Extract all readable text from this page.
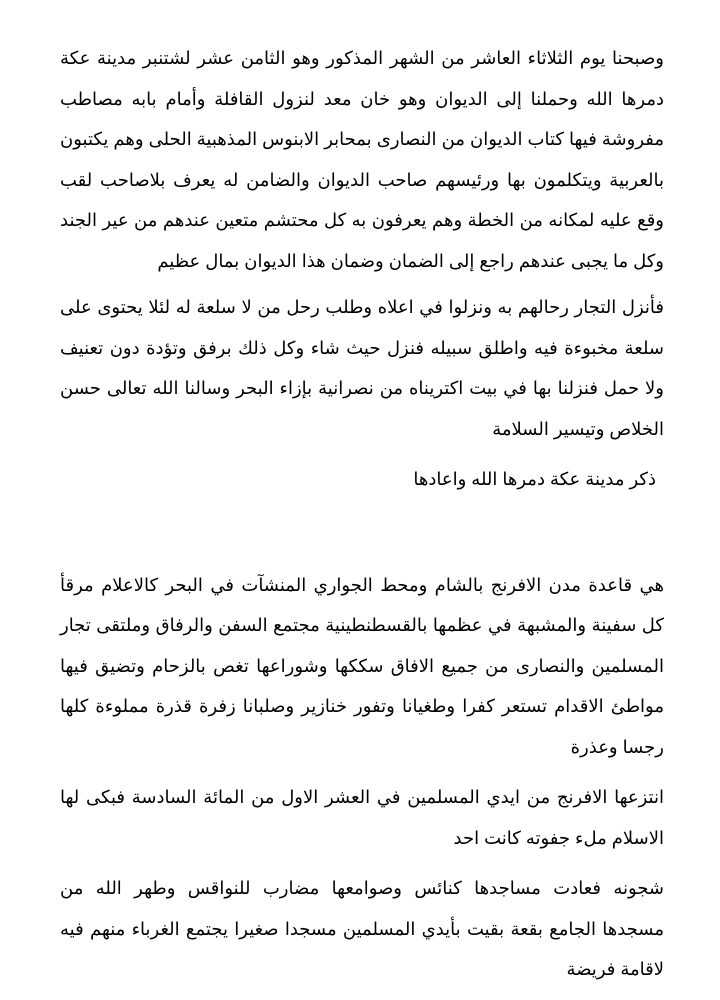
وصبحنا يوم الثلاثاء العاشر من الشهر المذكور وهو الثامن عشر لشتنبر مدينة عكة دمرها الله وحملنا إلى الديوان وهو خان معد لنزول القافلة وأمام بابه مصاطب مفروشة فيها كتاب الديوان من النصارى بمحابر الابنوس المذهبية الحلى وهم يكتبون بالعربية ويتكلمون بها ورئيسهم صاحب الديوان والضامن له يعرف بلاصاحب لقب وقع عليه لمكانه من الخطة وهم يعرفون به كل محتشم متعين عندهم من عير الجند وكل ما يجبى عندهم راجع إلى الضمان وضمان هذا الديوان بمال عظيم

فأنزل التجار رحالهم به ونزلوا في اعلاه وطلب رحل من لا سلعة له لئلا يحتوى على سلعة مخبوءة فيه واطلق سبيله فنزل حيث شاء وكل ذلك برفق وتؤدة دون تعنيف ولا حمل فنزلنا بها في بيت اكتريناه من نصرانية بإزاء البحر وسالنا الله تعالى حسن الخلاص وتيسير السلامة

ذكر مدينة عكة دمرها الله واعادها

هي قاعدة مدن الافرنج بالشام ومحط الجواري المنشآت في البحر كالاعلام مرقأ كل سفينة والمشبهة في عظمها بالقسطنطينية مجتمع السفن والرفاق وملتقى تجار المسلمين والنصارى من جميع الافاق سككها وشوراعها تغص بالزحام وتضيق فيها مواطئ الاقدام تستعر كفرا وطغيانا وتفور خنازير وصلبانا زفرة قذرة مملوءة كلها رجسا وعذرة

انتزعها الافرنج من ايدي المسلمين في العشر الاول من المائة السادسة فبكى لها الاسلام ملء جفوته كانت احد

شجونه فعادت مساجدها كنائس وصوامعها مضارب للنواقس وطهر الله من مسجدها الجامع بقعة بقيت بأيدي المسلمين مسجدا صغيرا يجتمع الغرباء منهم فيه لاقامة فريضة
